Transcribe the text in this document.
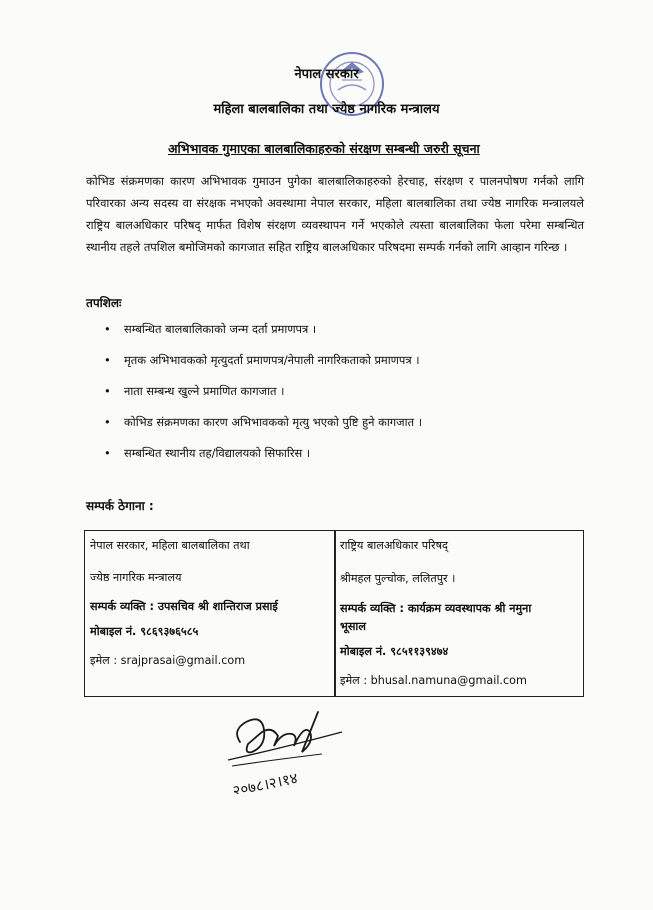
नेपाल सरकार
महिला बालबालिका तथा ज्येष्ठ नागरिक मन्त्रालय
अभिभावक गुमाएका बालबालिकाहरुको संरक्षण सम्बन्धी जरुरी सूचना
कोभिड संक्रमणका कारण अभिभावक गुमाउन पुगेका बालबालिकाहरुको हेरचाह, संरक्षण र पालनपोषण गर्नको लागि परिवारका अन्य सदस्य वा संरक्षक नभएको अवस्थामा नेपाल सरकार, महिला बालबालिका तथा ज्येष्ठ नागरिक मन्त्रालयले राष्ट्रिय बालअधिकार परिषद् मार्फत विशेष संरक्षण व्यवस्थापन गर्ने भएकोले त्यस्ता बालबालिका फेला परेमा सम्बन्धित स्थानीय तहले तपशिल बमोजिमको कागजात सहित राष्ट्रिय बालअधिकार परिषदमा सम्पर्क गर्नको लागि आव्हान गरिन्छ ।
तपशिलः
• सम्बन्धित बालबालिकाको जन्म दर्ता प्रमाणपत्र ।
• मृतक अभिभावकको मृत्युदर्ता प्रमाणपत्र/नेपाली नागरिकताको प्रमाणपत्र ।
• नाता सम्बन्ध खुल्ने प्रमाणित कागजात ।
• कोभिड संक्रमणका कारण अभिभावकको मृत्यु भएको पुष्टि हुने कागजात ।
• सम्बन्धित स्थानीय तह/विद्यालयको सिफारिस ।
सम्पर्क ठेगाना :
नेपाल सरकार, महिला बालबालिका तथा
ज्येष्ठ नागरिक मन्त्रालय
सम्पर्क व्यक्ति : उपसचिव श्री शान्तिराज प्रसाई
मोबाइल नं. ९८६९३७६५८५
इमेल : srajprasai@gmail.com
राष्ट्रिय बालअधिकार परिषद्
श्रीमहल पुल्चोक, ललितपुर ।
सम्पर्क व्यक्ति : कार्यक्रम व्यवस्थापक श्री नमुना
भूसाल
मोबाइल नं. ९८५११३९४७४
इमेल : bhusal.namuna@gmail.com
२०७८।२।१४
